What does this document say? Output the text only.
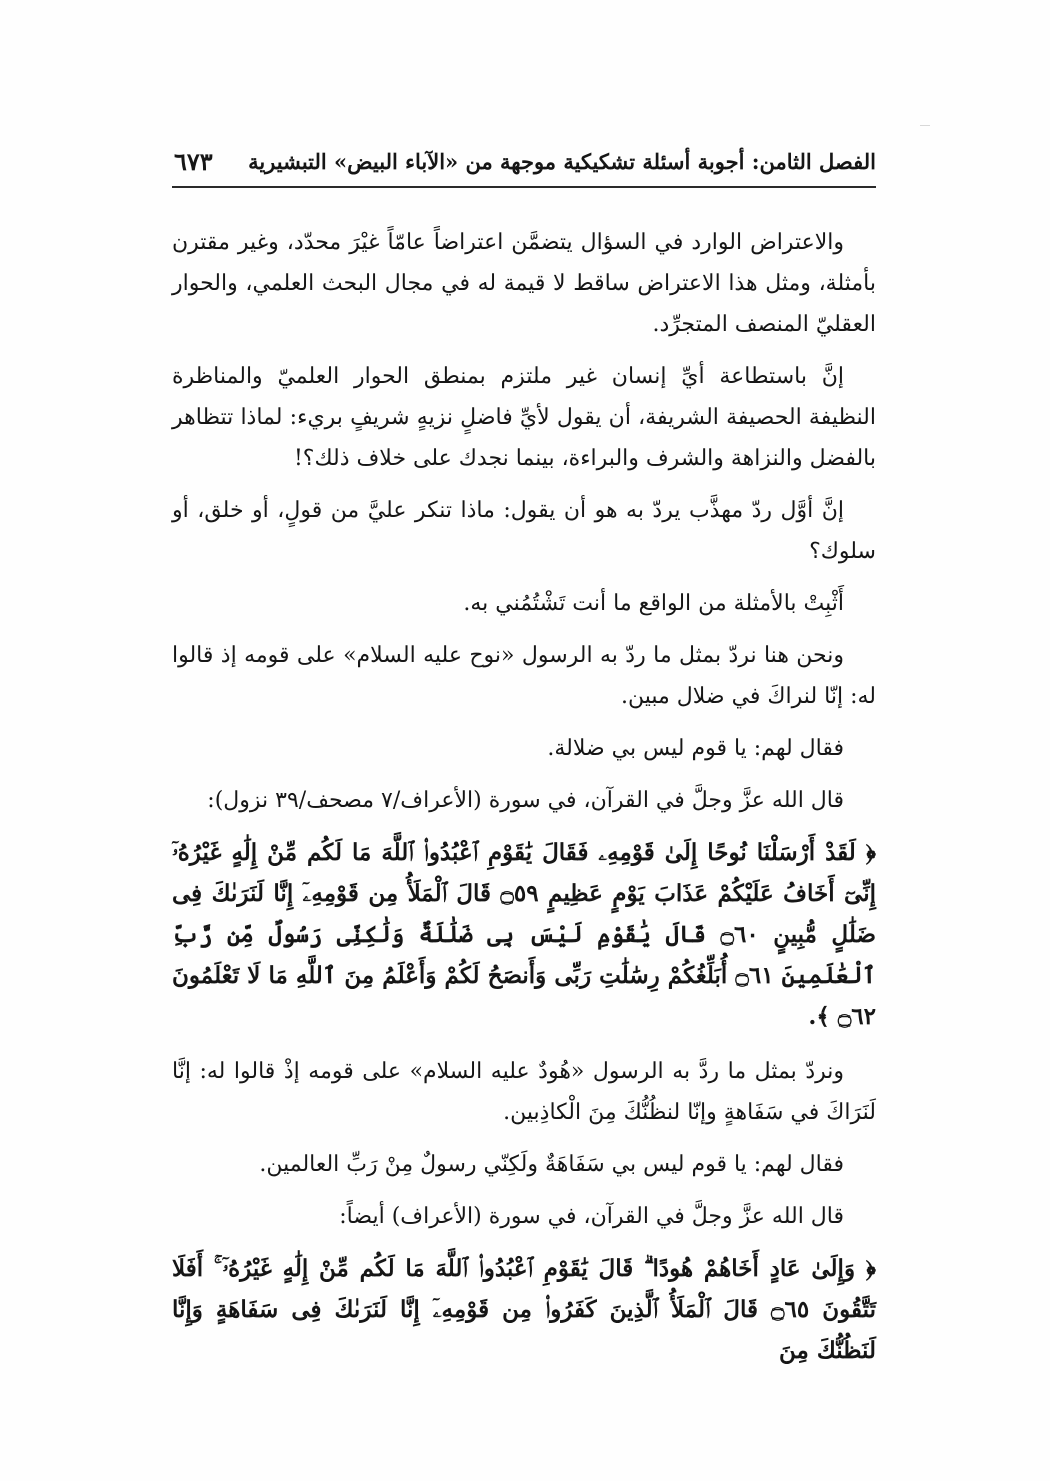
الفصل الثامن: أجوبة أسئلة تشكيكية موجهة من «الآباء البيض» التبشيرية
٦٧٣

والاعتراض الوارد في السؤال يتضمَّن اعتراضاً عامّاً غيْرَ محدّد، وغير مقترن بأمثلة، ومثل هذا الاعتراض ساقط لا قيمة له في مجال البحث العلمي، والحوار العقليّ المنصف المتجرِّد.

إنَّ باستطاعة أيِّ إنسان غير ملتزم بمنطق الحوار العلميّ والمناظرة النظيفة الحصيفة الشريفة، أن يقول لأيِّ فاضلٍ نزيهٍ شريفٍ بريء: لماذا تتظاهر بالفضل والنزاهة والشرف والبراءة، بينما نجدك على خلاف ذلك؟!

إنَّ أوَّل ردّ مهذَّب يردّ به هو أن يقول: ماذا تنكر عليَّ من قولٍ، أو خلق، أو سلوك؟

أَثْبِتْ بالأمثلة من الواقع ما أنت تَشْتُمُني به.

ونحن هنا نردّ بمثل ما ردّ به الرسول «نوح عليه السلام» على قومه إذ قالوا له: إنّا لنراكَ في ضلال مبين.

فقال لهم: يا قوم ليس بي ضلالة.

قال الله عزَّ وجلَّ في القرآن، في سورة (الأعراف/٧ مصحف/٣٩ نزول):

﴿ لَقَدْ أَرْسَلْنَا نُوحًا إِلَىٰ قَوْمِهِۦ فَقَالَ يَٰقَوْمِ ٱعْبُدُوا۟ ٱللَّهَ مَا لَكُم مِّنْ إِلَٰهٍ غَيْرُهُۥٓ إِنِّىٓ أَخَافُ عَلَيْكُمْ عَذَابَ يَوْمٍ عَظِيمٍ ۝٥٩ قَالَ ٱلْمَلَأُ مِن قَوْمِهِۦٓ إِنَّا لَنَرَىٰكَ فِى ضَلَٰلٍ مُّبِينٍ ۝٦٠ قَالَ يَٰقَوْمِ لَيْسَ بِى ضَلَٰلَةٌ وَلَٰكِنِّى رَسُولٌ مِّن رَّبِّ ٱلْعَٰلَمِينَ ۝٦١ أُبَلِّغُكُمْ رِسَٰلَٰتِ رَبِّى وَأَنصَحُ لَكُمْ وَأَعْلَمُ مِنَ ٱللَّهِ مَا لَا تَعْلَمُونَ ۝٦٢ ﴾.

ونردّ بمثل ما ردَّ به الرسول «هُودٌ عليه السلام» على قومه إذْ قالوا له: إنَّا لَنَرَاكَ في سَفَاهةٍ وإنّا لنظُنُّكَ مِنَ الْكاذِبين.

فقال لهم: يا قوم ليس بي سَفَاهَةٌ ولَكِنّي رسولٌ مِنْ رَبِّ العالمين.

قال الله عزَّ وجلَّ في القرآن، في سورة (الأعراف) أيضاً:

﴿ وَإِلَىٰ عَادٍ أَخَاهُمْ هُودًا ۗ قَالَ يَٰقَوْمِ ٱعْبُدُوا۟ ٱللَّهَ مَا لَكُم مِّنْ إِلَٰهٍ غَيْرُهُۥٓ ۚ أَفَلَا تَتَّقُونَ ۝٦٥ قَالَ ٱلْمَلَأُ ٱلَّذِينَ كَفَرُوا۟ مِن قَوْمِهِۦٓ إِنَّا لَنَرَىٰكَ فِى سَفَاهَةٍ وَإِنَّا لَنَظُنُّكَ مِنَ
